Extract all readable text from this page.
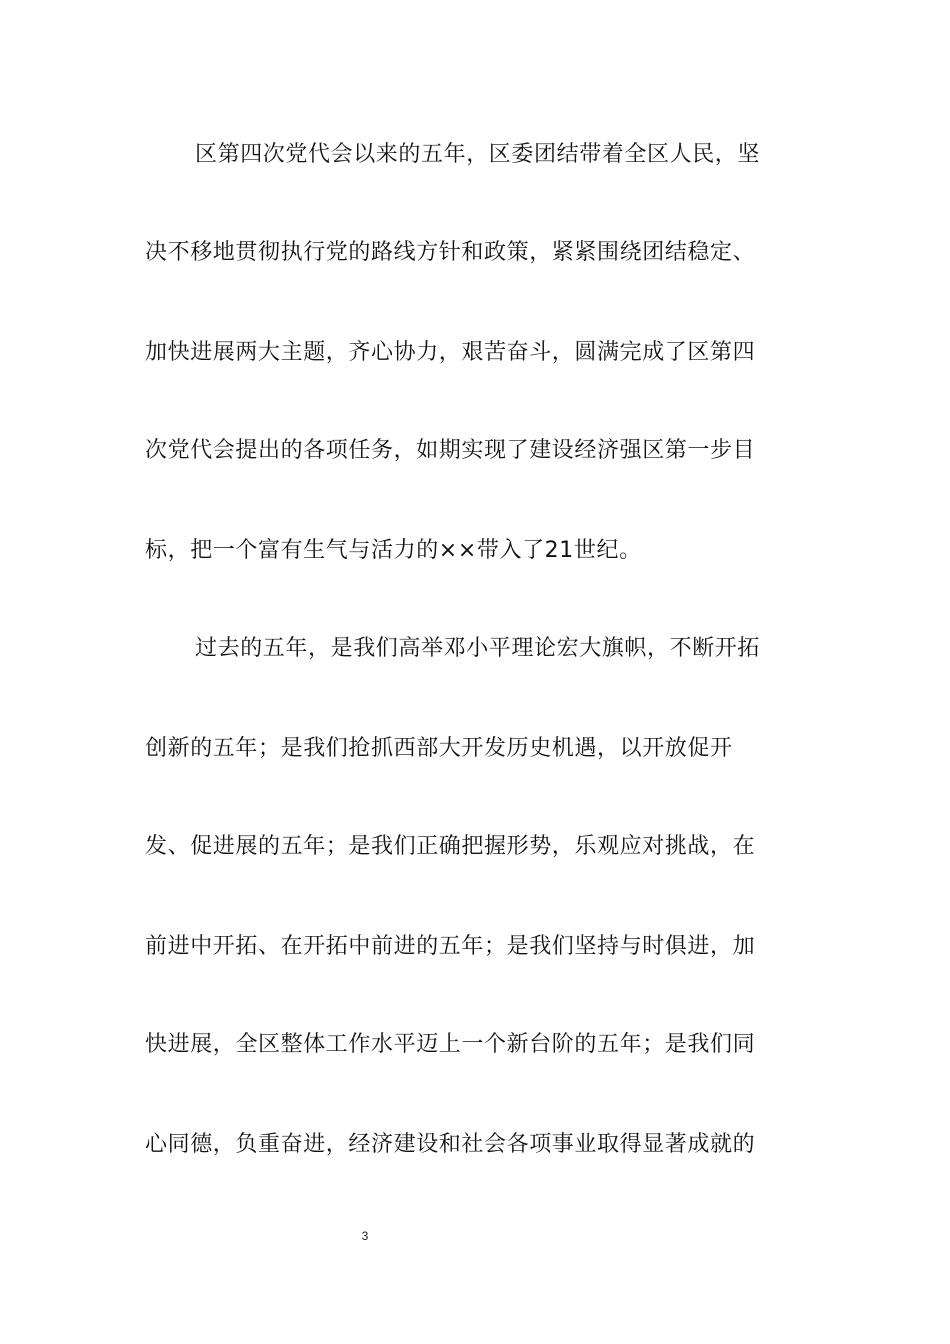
区第四次党代会以来的五年，区委团结带着全区人民，坚
决不移地贯彻执行党的路线方针和政策，紧紧围绕团结稳定、
加快进展两大主题，齐心协力，艰苦奋斗，圆满完成了区第四
次党代会提出的各项任务，如期实现了建设经济强区第一步目
标，把一个富有生气与活力的××带入了21世纪。
过去的五年，是我们高举邓小平理论宏大旗帜，不断开拓
创新的五年；是我们抢抓西部大开发历史机遇，以开放促开
发、促进展的五年；是我们正确把握形势，乐观应对挑战，在
前进中开拓、在开拓中前进的五年；是我们坚持与时俱进，加
快进展，全区整体工作水平迈上一个新台阶的五年；是我们同
心同德，负重奋进，经济建设和社会各项事业取得显著成就的
3
